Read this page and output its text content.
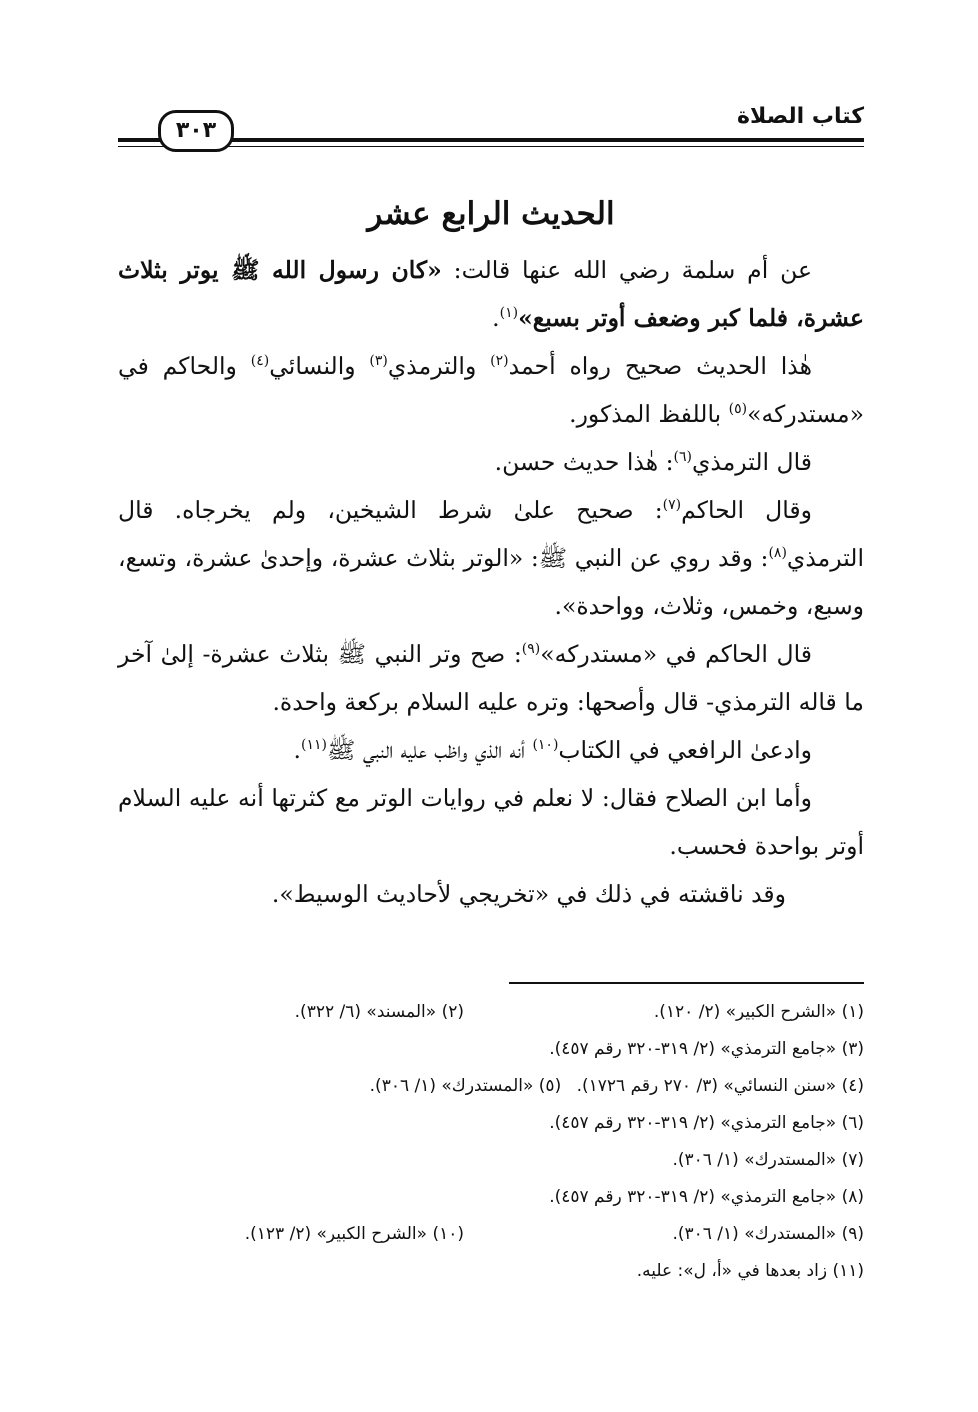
كتاب الصلاة
٣٠٣
الحديث الرابع عشر

عن أم سلمة رضي الله عنها قالت: «كان رسول الله ﷺ يوتر بثلاث عشرة، فلما كبر وضعف أوتر بسبع»$^{(١)}$.

هٰذا الحديث صحيح رواه أحمد$^{(٢)}$ والترمذي$^{(٣)}$ والنسائي$^{(٤)}$ والحاكم في «مستدركه»$^{(٥)}$ باللفظ المذكور.

قال الترمذي$^{(٦)}$: هٰذا حديث حسن.

وقال الحاكم$^{(٧)}$: صحيح علىٰ شرط الشيخين، ولم يخرجاه. قال الترمذي$^{(٨)}$: وقد روي عن النبي ﷺ: «الوتر بثلاث عشرة، وإحدىٰ عشرة، وتسع، وسبع، وخمس، وثلاث، وواحدة».

قال الحاكم في «مستدركه»$^{(٩)}$: صح وتر النبي ﷺ بثلاث عشرة- إلىٰ آخر ما قاله الترمذي- قال وأصحها: وتره عليه السلام بركعة واحدة.

وادعىٰ الرافعي في الكتاب$^{(١٠)}$ أنه الذي واظب عليه النبي ﷺ$^{(١١)}$.

وأما ابن الصلاح فقال: لا نعلم في روايات الوتر مع كثرتها أنه عليه السلام أوتر بواحدة فحسب.

وقد ناقشته في ذلك في «تخريجي لأحاديث الوسيط».

(١) «الشرح الكبير» (٢/ ١٢٠).
(٢) «المسند» (٦/ ٣٢٢).
(٣) «جامع الترمذي» (٢/ ٣١٩-٣٢٠ رقم ٤٥٧).
(٤) «سنن النسائي» (٣/ ٢٧٠ رقم ١٧٢٦). (٥) «المستدرك» (١/ ٣٠٦).
(٦) «جامع الترمذي» (٢/ ٣١٩-٣٢٠ رقم ٤٥٧).
(٧) «المستدرك» (١/ ٣٠٦).
(٨) «جامع الترمذي» (٢/ ٣١٩-٣٢٠ رقم ٤٥٧).
(٩) «المستدرك» (١/ ٣٠٦).
(١٠) «الشرح الكبير» (٢/ ١٢٣).
(١١) زاد بعدها في «أ، ل»: عليه.
